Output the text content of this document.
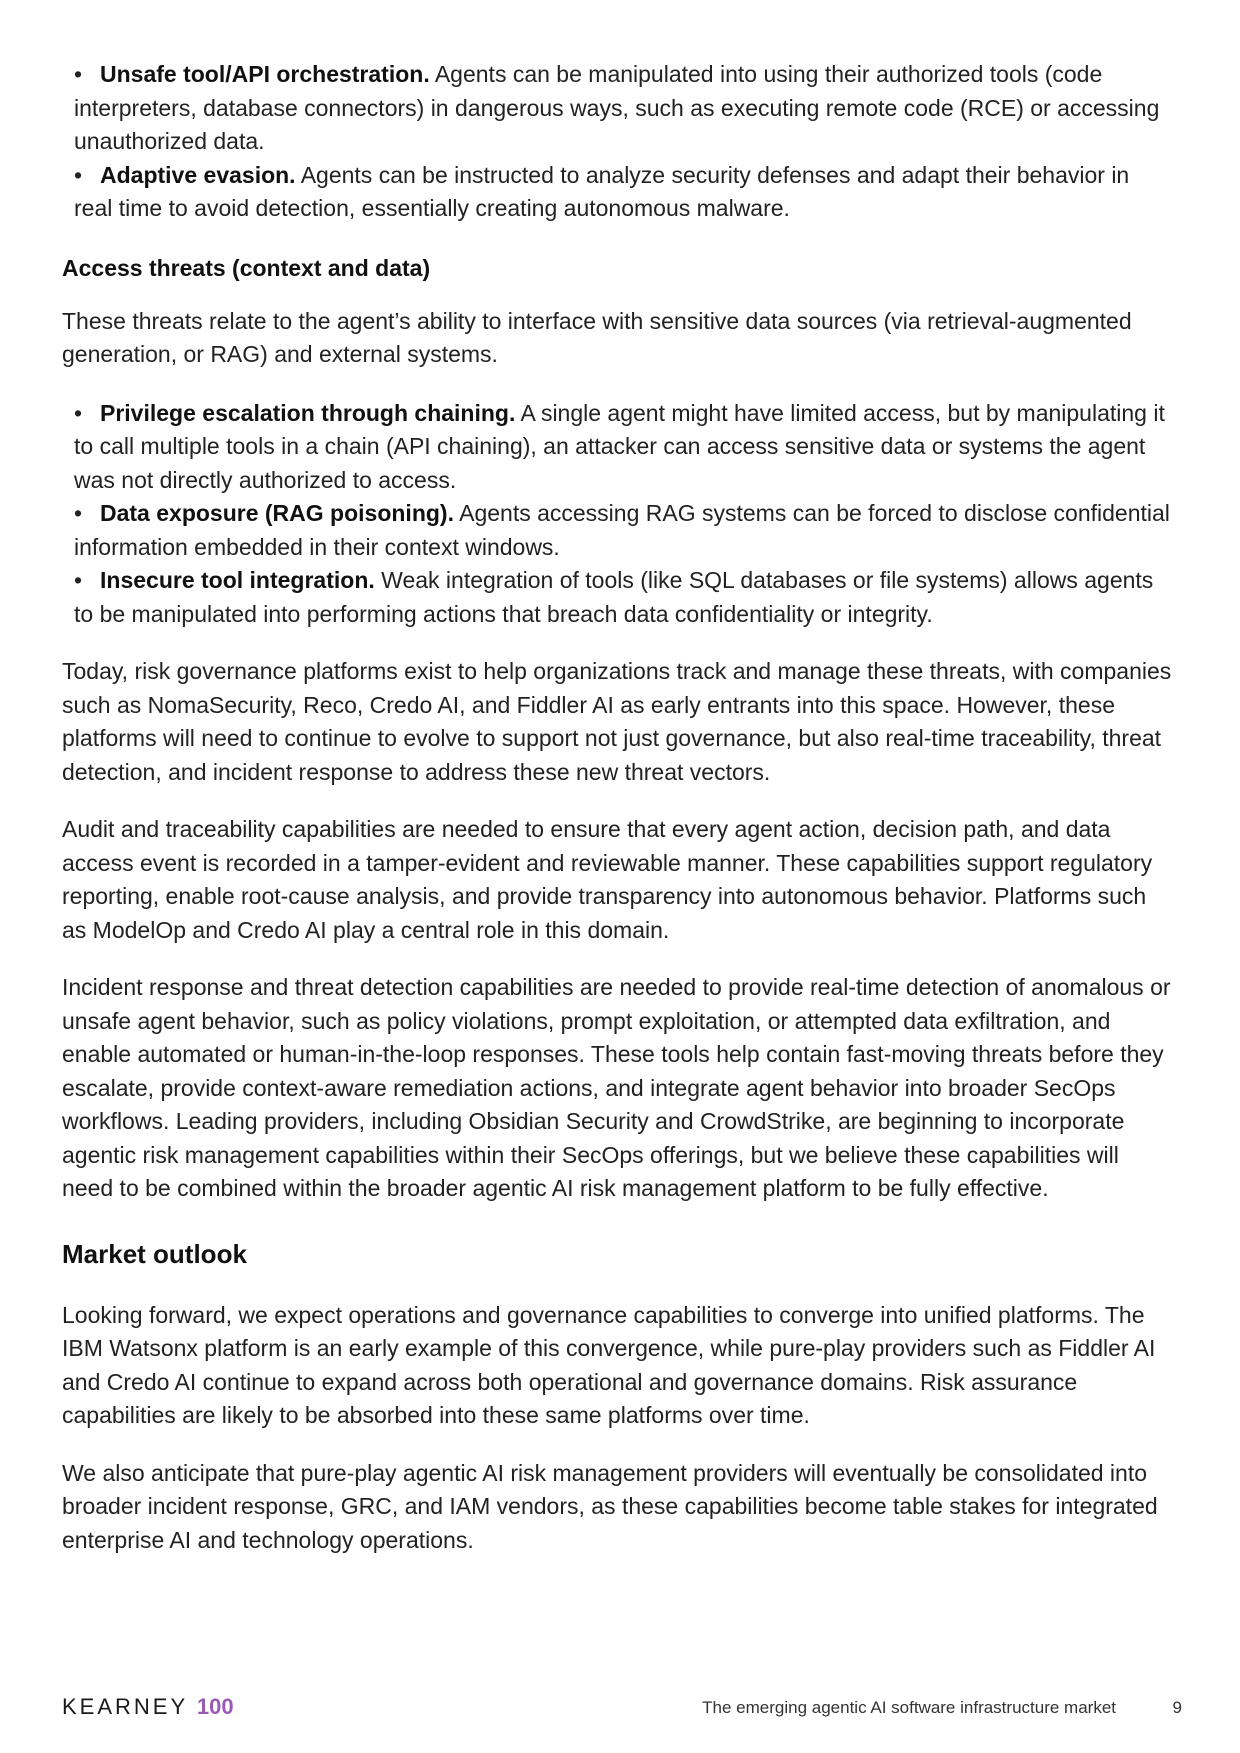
• Unsafe tool/API orchestration. Agents can be manipulated into using their authorized tools (code interpreters, database connectors) in dangerous ways, such as executing remote code (RCE) or accessing unauthorized data.
• Adaptive evasion. Agents can be instructed to analyze security defenses and adapt their behavior in real time to avoid detection, essentially creating autonomous malware.
Access threats (context and data)

These threats relate to the agent’s ability to interface with sensitive data sources (via retrieval-augmented generation, or RAG) and external systems.

• Privilege escalation through chaining. A single agent might have limited access, but by manipulating it to call multiple tools in a chain (API chaining), an attacker can access sensitive data or systems the agent was not directly authorized to access.
• Data exposure (RAG poisoning). Agents accessing RAG systems can be forced to disclose confidential information embedded in their context windows.
• Insecure tool integration. Weak integration of tools (like SQL databases or file systems) allows agents to be manipulated into performing actions that breach data confidentiality or integrity.

Today, risk governance platforms exist to help organizations track and manage these threats, with companies such as NomaSecurity, Reco, Credo AI, and Fiddler AI as early entrants into this space. However, these platforms will need to continue to evolve to support not just governance, but also real-time traceability, threat detection, and incident response to address these new threat vectors.

Audit and traceability capabilities are needed to ensure that every agent action, decision path, and data access event is recorded in a tamper-evident and reviewable manner. These capabilities support regulatory reporting, enable root-cause analysis, and provide transparency into autonomous behavior. Platforms such as ModelOp and Credo AI play a central role in this domain.

Incident response and threat detection capabilities are needed to provide real-time detection of anomalous or unsafe agent behavior, such as policy violations, prompt exploitation, or attempted data exfiltration, and enable automated or human-in-the-loop responses. These tools help contain fast-moving threats before they escalate, provide context-aware remediation actions, and integrate agent behavior into broader SecOps workflows. Leading providers, including Obsidian Security and CrowdStrike, are beginning to incorporate agentic risk management capabilities within their SecOps offerings, but we believe these capabilities will need to be combined within the broader agentic AI risk management platform to be fully effective.

Market outlook

Looking forward, we expect operations and governance capabilities to converge into unified platforms. The IBM Watsonx platform is an early example of this convergence, while pure-play providers such as Fiddler AI and Credo AI continue to expand across both operational and governance domains. Risk assurance capabilities are likely to be absorbed into these same platforms over time.

We also anticipate that pure-play agentic AI risk management providers will eventually be consolidated into broader incident response, GRC, and IAM vendors, as these capabilities become table stakes for integrated enterprise AI and technology operations.

KEARNEY 100	The emerging agentic AI software infrastructure market	9
